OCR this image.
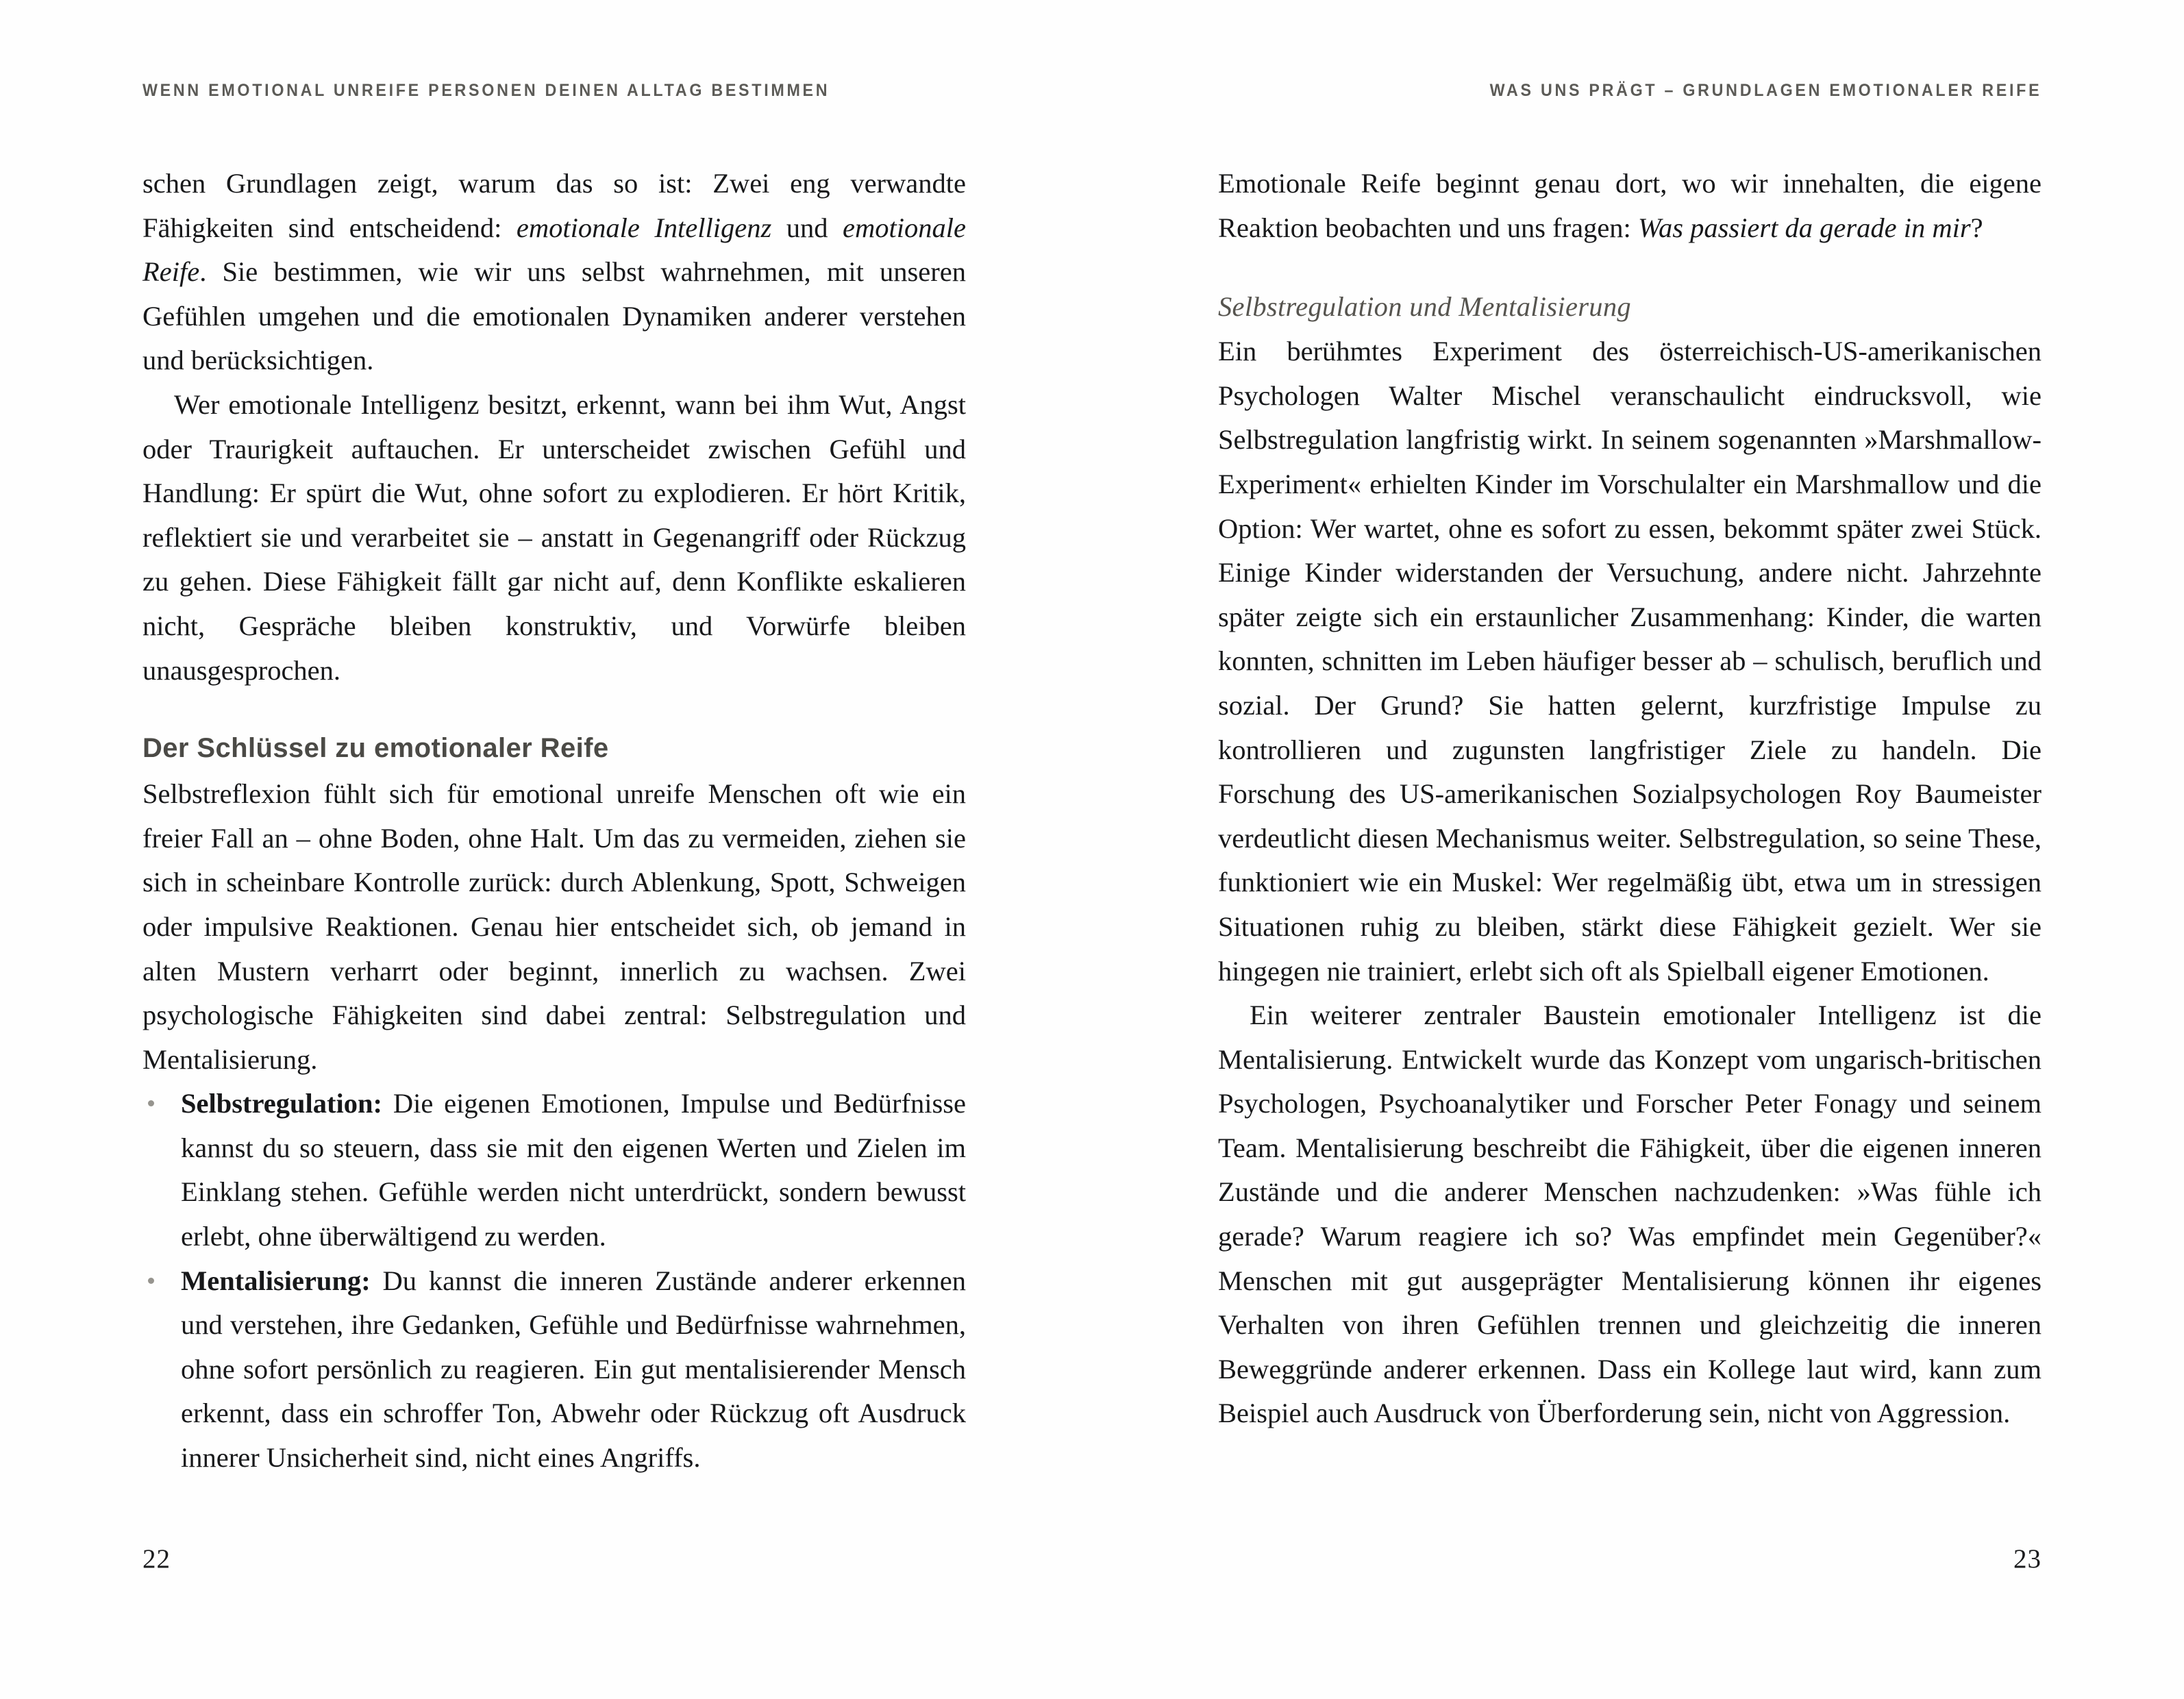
WENN EMOTIONAL UNREIFE PERSONEN DEINEN ALLTAG BESTIMMEN

schen Grundlagen zeigt, warum das so ist: Zwei eng verwandte Fähigkeiten sind entscheidend: emotionale Intelligenz und emotionale Reife. Sie bestimmen, wie wir uns selbst wahrnehmen, mit unseren Gefühlen umgehen und die emotionalen Dynamiken anderer verstehen und berücksichtigen.

Wer emotionale Intelligenz besitzt, erkennt, wann bei ihm Wut, Angst oder Traurigkeit auftauchen. Er unterscheidet zwischen Gefühl und Handlung: Er spürt die Wut, ohne sofort zu explodieren. Er hört Kritik, reflektiert sie und verarbeitet sie – anstatt in Gegenangriff oder Rückzug zu gehen. Diese Fähigkeit fällt gar nicht auf, denn Konflikte eskalieren nicht, Gespräche bleiben konstruktiv, und Vorwürfe bleiben unausgesprochen.

Der Schlüssel zu emotionaler Reife

Selbstreflexion fühlt sich für emotional unreife Menschen oft wie ein freier Fall an – ohne Boden, ohne Halt. Um das zu vermeiden, ziehen sie sich in scheinbare Kontrolle zurück: durch Ablenkung, Spott, Schweigen oder impulsive Reaktionen. Genau hier entscheidet sich, ob jemand in alten Mustern verharrt oder beginnt, innerlich zu wachsen. Zwei psychologische Fähigkeiten sind dabei zentral: Selbstregulation und Mentalisierung.

Selbstregulation: Die eigenen Emotionen, Impulse und Bedürfnisse kannst du so steuern, dass sie mit den eigenen Werten und Zielen im Einklang stehen. Gefühle werden nicht unterdrückt, sondern bewusst erlebt, ohne überwältigend zu werden.

Mentalisierung: Du kannst die inneren Zustände anderer erkennen und verstehen, ihre Gedanken, Gefühle und Bedürfnisse wahrnehmen, ohne sofort persönlich zu reagieren. Ein gut mentalisierender Mensch erkennt, dass ein schroffer Ton, Abwehr oder Rückzug oft Ausdruck innerer Unsicherheit sind, nicht eines Angriffs.

22
WAS UNS PRÄGT – GRUNDLAGEN EMOTIONALER REIFE

Emotionale Reife beginnt genau dort, wo wir innehalten, die eigene Reaktion beobachten und uns fragen: Was passiert da gerade in mir?

Selbstregulation und Mentalisierung

Ein berühmtes Experiment des österreichisch-US-amerikanischen Psychologen Walter Mischel veranschaulicht eindrucksvoll, wie Selbstregulation langfristig wirkt. In seinem sogenannten »Marshmallow-Experiment« erhielten Kinder im Vorschulalter ein Marshmallow und die Option: Wer wartet, ohne es sofort zu essen, bekommt später zwei Stück. Einige Kinder widerstanden der Versuchung, andere nicht. Jahrzehnte später zeigte sich ein erstaunlicher Zusammenhang: Kinder, die warten konnten, schnitten im Leben häufiger besser ab – schulisch, beruflich und sozial. Der Grund? Sie hatten gelernt, kurzfristige Impulse zu kontrollieren und zugunsten langfristiger Ziele zu handeln. Die Forschung des US-amerikanischen Sozialpsychologen Roy Baumeister verdeutlicht diesen Mechanismus weiter. Selbstregulation, so seine These, funktioniert wie ein Muskel: Wer regelmäßig übt, etwa um in stressigen Situationen ruhig zu bleiben, stärkt diese Fähigkeit gezielt. Wer sie hingegen nie trainiert, erlebt sich oft als Spielball eigener Emotionen.

Ein weiterer zentraler Baustein emotionaler Intelligenz ist die Mentalisierung. Entwickelt wurde das Konzept vom ungarisch-britischen Psychologen, Psychoanalytiker und Forscher Peter Fonagy und seinem Team. Mentalisierung beschreibt die Fähigkeit, über die eigenen inneren Zustände und die anderer Menschen nachzudenken: »Was fühle ich gerade? Warum reagiere ich so? Was empfindet mein Gegenüber?« Menschen mit gut ausgeprägter Mentalisierung können ihr eigenes Verhalten von ihren Gefühlen trennen und gleichzeitig die inneren Beweggründe anderer erkennen. Dass ein Kollege laut wird, kann zum Beispiel auch Ausdruck von Überforderung sein, nicht von Aggression.

23
